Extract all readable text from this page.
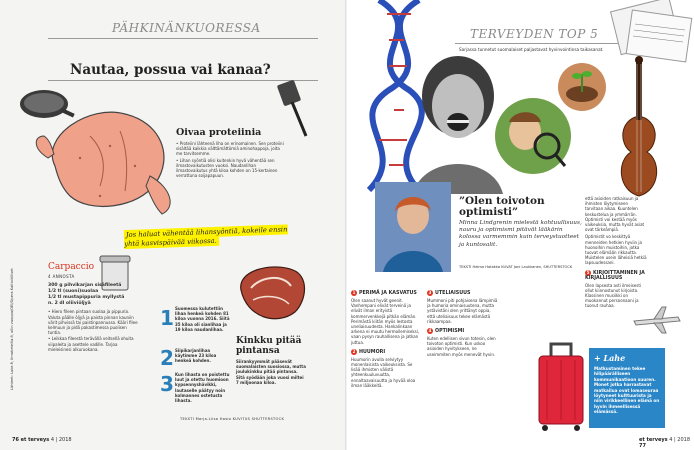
PÄHKINÄNKUORESSA
Nautaa, possua vai kanaa?
Oivaa proteiinia
• Proteiini lähteenä liha on erinomainen. Sen proteiini sisältää kaikkia välttämättömiä aminohappoja, joita me tarvitsemme.
• Lihan syöntiä olisi kuitenkin hyvä vähentää sen ilmastovaikutusten vuoksi. Naudanlihan ilmastovaikutus yhtä kiloa kohden on 15-kertainen verrattuna soijapapuun.
Jos haluat vähentää lihansyöntiä, kokeile ensin yhtä kasvispäivää viikossa.
Carpaccio
4 ANNOSTA
300 g pihvikarjan sisäfileetä
1/2 tl (suoni)suolaa
1/2 tl mustapippuria myllystä
n. 2 dl oliiviöljyä
• Hiero fileen pintaan suolaa ja pippuria. Valuta päälle öljyä ja paista pinnan kauniin värit pihvissä tai paistinpannussa. Kääri filee kelmuun ja pidä pakastimessa puolisen tuntia.
• Leikkaa fileestä terävällä veitsellä ohuita viipaleita ja asettele vadille. Tarjoa mieleisinesi alkuruokana.
1 Suomessa kulutettiin lihaa henkeä kohden 81 kiloa vuonna 2016. Siitä 35 kiloa oli sianlihaa ja 19 kiloa naudanlihaa.
2 Siipikarjanlihaa käytimme 23 kiloa henkeä kohden.
3 Kun lihasta on poistettu luut ja otettu huomioon kypsennyshävikki, lautaselle päätyy noin kolmannes ostetusta lihasta.
Kinkku pitää pintansa
Siirankyymmät pääsevät suomalaisten suosiossa, mutta joulukinkku pitää pintansa. Sitä syödään joka vuosi miltei 7 miljoonaa kiloa.
TEKSTI Marja-Liisa Hosio KUVITUS SHUTTERSTOCK
Lähteet: Luke.fi, Ilmatieteilla.fi, ollin vuoppa/OEI/Opera Kaltioitilliset
76 et terveys 4 | 2018
TERVEYDEN TOP 5
Sarjassa tunnetut suomalaiset paljastavat hyvinvointinsa taikasanat.
”Olen toivoton optimisti”
Minna Lindgrenin mielestä kohtuullisuus, nauru ja optimismi pitävät lääkärin kolossa varmemmin kuin terveystuotteet ja kuntosalit.
TEKSTI Heimo Hatakka KUVAT Jani Laukkanen, SHUTTERSTOCK
1 PERIMÄ JA KASVATUS
Olen saanut hyvät geenit. Vanhempani elivät terveinä ja elivät ilman erityistä kommervenkkejä pitkän elämän. Perimästä kiitän myös lestosta uneliaisuudesta. Hankalinkaan arkena ei muutu hermoilemiseksi, vaan pysyn rauhallisena ja jatkan juttua.
2 HUUMORI
Huumorin avulla selviytyy monenlaisista vaikeuksista. Se lisää ihmisten välistä yhteenkuuluvuutta, ennaltaavaisuutta ja hyvää oloa ilman lääkkeitä.
3 UTELIAISUUS
Mummoni piti pohjaisena lämpimiä ja humoria ominaisuutena, mutta ystävistäni olen yrittänyt oppia, että uteliaisuus tekee elämästä rikkaampaa.
4 OPTIMISMI
Kuten edellisen sivun totesin, olen toivoton optimisti. Kun uskoo asioiden hyvitykseen, ne useimmiten myös menevät hyvin.
että asioiden ratkaisuun ja ihmisten löytymiseen tarvitaan aikaa. Kuuntelen keskustelua ja ymmärrän. Optimisti voi kestää myös vaikeuksia, mutta hyvät asiat ovat tärkeämpiä.
Optimistit vo keskittyä menneiden hetkien hyviin ja huonoihin muistoihin, jotka tuovat elämään rikkautta. Muistelen usein läheisiä hetkiä lapsuudessani.
5 KIRJOITTAMINEN JA KIRJALLISUUS
Olen lapsesta asti ilmeisesti ollut kiinnostunut kirjoista. Klassinen musiikki on muokannut persoonaani ja tuonut rauhaa.
+ Lahe
Matkustaminen tekee hilipäärälliseen kommunikaatioon suuren. Monet jotka harrastavat matkailua ovat lomaseuraa löytyneet kulttuurista ja niin virikkeellinen elämä on hyvin ihmeellisessä elämässä.
et terveys 4 | 2018 77
